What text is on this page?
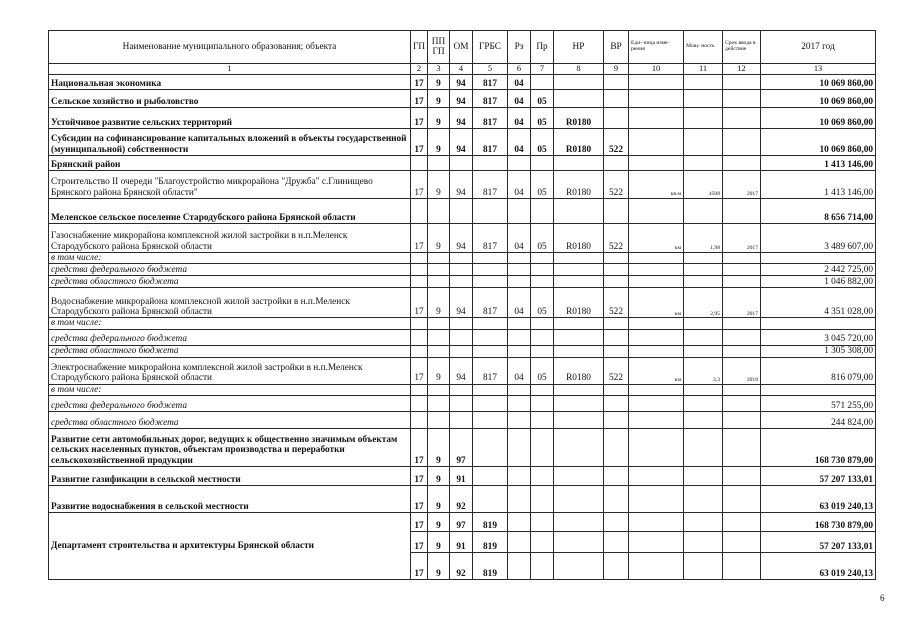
Наименование муниципального образования; объекта	ГП	ППГП	ОМ	ГРБС	Рз	Пр	НР	ВР	Еди- ница изме- рения	Мощ- ность	Срок ввода в действие	2017 год
1	2	3	4	5	6	7	8	9	10	11	12	13
Национальная экономика	17	9	94	817	04							10 069 860,00
Сельское хозяйство и рыболовство	17	9	94	817	04	05						10 069 860,00
Устойчивое развитие сельских территорий	17	9	94	817	04	05	R0180					10 069 860,00
Субсидии на софинансирование капитальных вложений в объекты государственной (муниципальной) собственности	17	9	94	817	04	05	R0180	522				10 069 860,00
Брянский район												1 413 146,00
Строительство II очереди "Благоустройство микрорайона "Дружба" с.Глинищево Брянского района Брянской области"	17	9	94	817	04	05	R0180	522	кв.м	4508	2017	1 413 146,00
Меленское сельское поселение Стародубского района Брянской области												8 656 714,00
Газоснабжение микрорайона комплексной жилой застройки в н.п.Меленск Стародубского района Брянской области	17	9	94	817	04	05	R0180	522	км	1,98	2017	3 489 607,00
в том числе:												
средства федерального бюджета												2 442 725,00
средства областного бюджета												1 046 882,00
Водоснабжение микрорайона комплексной жилой застройки в н.п.Меленск Стародубского района Брянской области	17	9	94	817	04	05	R0180	522	км	2,95	2017	4 351 028,00
в том числе:												
средства федерального бюджета												3 045 720,00
средства областного бюджета												1 305 308,00
Электроснабжение микрорайона комплексной жилой застройки в н.п.Меленск Стародубского района Брянской области	17	9	94	817	04	05	R0180	522	км	3,3	2018	816 079,00
в том числе:												
средства федерального бюджета												571 255,00
средства областного бюджета												244 824,00
Развитие сети автомобильных дорог, ведущих к общественно значимым объектам сельских населенных пунктов, объектам производства и переработки сельскохозяйственной продукции	17	9	97									168 730 879,00
Развитие газификации в сельской местности	17	9	91									57 207 133,01
Развитие водоснабжения в сельской местности	17	9	92									63 019 240,13
Департамент строительства и архитектуры Брянской области	17	9	97	819								168 730 879,00
	17	9	91	819								57 207 133,01
	17	9	92	819								63 019 240,13
6
